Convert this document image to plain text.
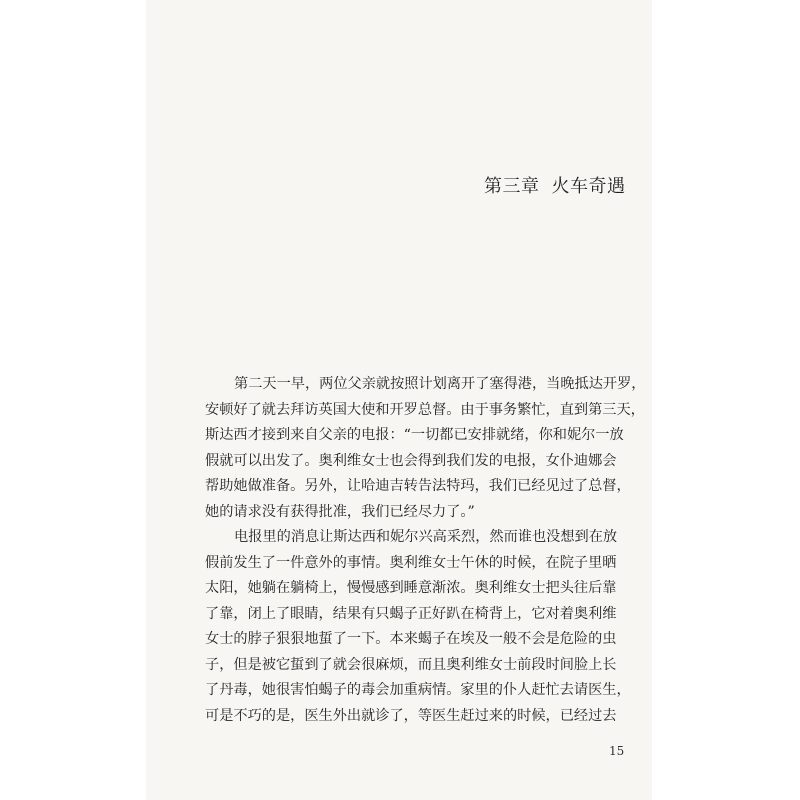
第三章 火车奇遇
第二天一早，两位父亲就按照计划离开了塞得港，当晚抵达开罗，
安顿好了就去拜访英国大使和开罗总督。由于事务繁忙，直到第三天，
斯达西才接到来自父亲的电报：“一切都已安排就绪，你和妮尔一放
假就可以出发了。奥利维女士也会得到我们发的电报，女仆迪娜会
帮助她做准备。另外，让哈迪吉转告法特玛，我们已经见过了总督，
她的请求没有获得批准，我们已经尽力了。”
电报里的消息让斯达西和妮尔兴高采烈，然而谁也没想到在放
假前发生了一件意外的事情。奥利维女士午休的时候，在院子里晒
太阳，她躺在躺椅上，慢慢感到睡意渐浓。奥利维女士把头往后靠
了靠，闭上了眼睛，结果有只蝎子正好趴在椅背上，它对着奥利维
女士的脖子狠狠地蜇了一下。本来蝎子在埃及一般不会是危险的虫
子，但是被它蜇到了就会很麻烦，而且奥利维女士前段时间脸上长
了丹毒，她很害怕蝎子的毒会加重病情。家里的仆人赶忙去请医生，
可是不巧的是，医生外出就诊了，等医生赶过来的时候，已经过去
15
